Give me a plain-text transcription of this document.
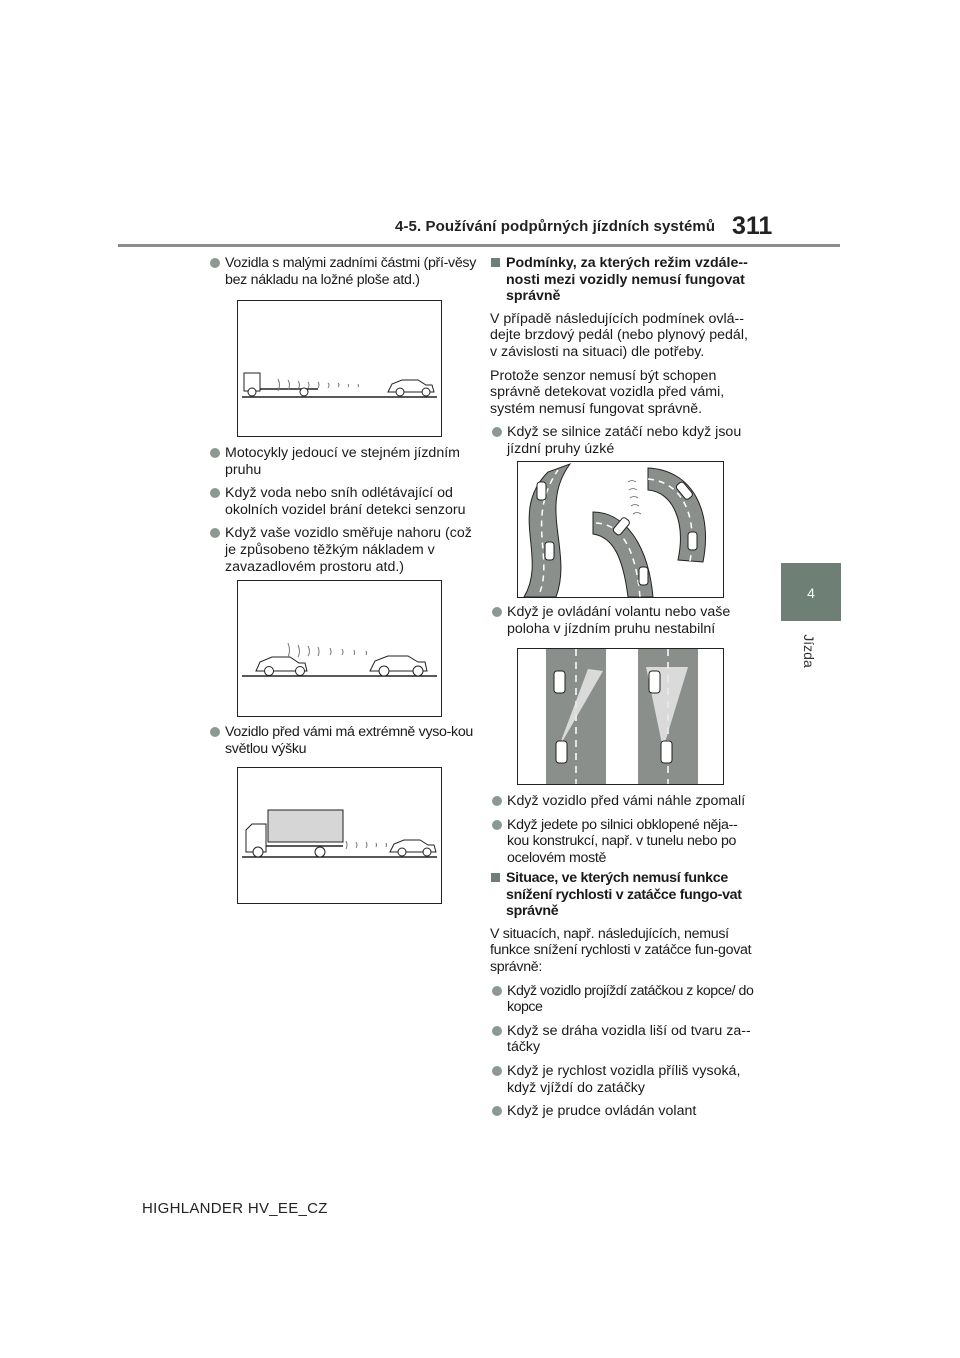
4-5. Používání podpůrných jízdních systémů 311
4
Jízda
Vozidla s malými zadními částmi (pří-věsy bez nákladu na ložné ploše atd.)
Motocykly jedoucí ve stejném jízdním pruhu
Když voda nebo sníh odlétávající od okolních vozidel brání detekci senzoru
Když vaše vozidlo směřuje nahoru (což je způsobeno těžkým nákladem v zavazadlovém prostoru atd.)
Vozidlo před vámi má extrémně vyso-kou světlou výšku
Podmínky, za kterých režim vzdále-nosti mezi vozidly nemusí fungovat správně
V případě následujících podmínek ovlá-dejte brzdový pedál (nebo plynový pedál, v závislosti na situaci) dle potřeby.
Protože senzor nemusí být schopen správně detekovat vozidla před vámi, systém nemusí fungovat správně.
Když se silnice zatáčí nebo když jsou jízdní pruhy úzké
Když je ovládání volantu nebo vaše poloha v jízdním pruhu nestabilní
Když vozidlo před vámi náhle zpomalí
Když jedete po silnici obklopené něja-kou konstrukcí, např. v tunelu nebo po ocelovém mostě
Situace, ve kterých nemusí funkce snížení rychlosti v zatáčce fungo-vat správně
V situacích, např. následujících, nemusí funkce snížení rychlosti v zatáčce fun-govat správně:
Když vozidlo projíždí zatáčkou z kopce/ do kopce
Když se dráha vozidla liší od tvaru za-táčky
Když je rychlost vozidla příliš vysoká, když vjíždí do zatáčky
Když je prudce ovládán volant
HIGHLANDER HV_EE_CZ
